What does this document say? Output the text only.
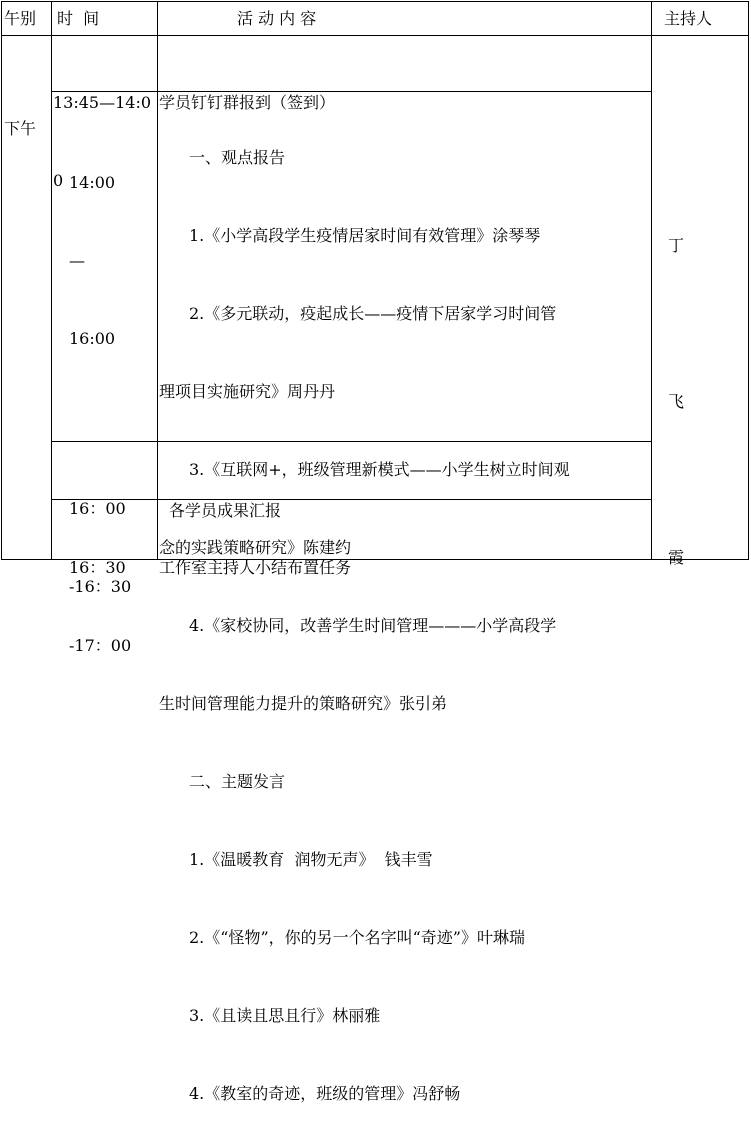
午别 时  间	活 动 内 容	主持人
下午

丁

飞

霞

13:45—14:0

0

学员钉钉群报到（签到）

14:00

—

16:00

一、观点报告

1.《小学高段学生疫情居家时间有效管理》涂琴琴

2.《多元联动，疫起成长——疫情下居家学习时间管

理项目实施研究》周丹丹

3.《互联网+，班级管理新模式——小学生树立时间观

念的实践策略研究》陈建约

4.《家校协同，改善学生时间管理———小学高段学

生时间管理能力提升的策略研究》张引弟

二、主题发言

1.《温暖教育  润物无声》  钱丰雪

2.《“怪物”，你的另一个名字叫“奇迹”》叶琳瑞

3.《且读且思且行》林丽雅

4.《教室的奇迹，班级的管理》冯舒畅

16：00

-16：30

各学员成果汇报

16：30

-17：00

工作室主持人小结布置任务
